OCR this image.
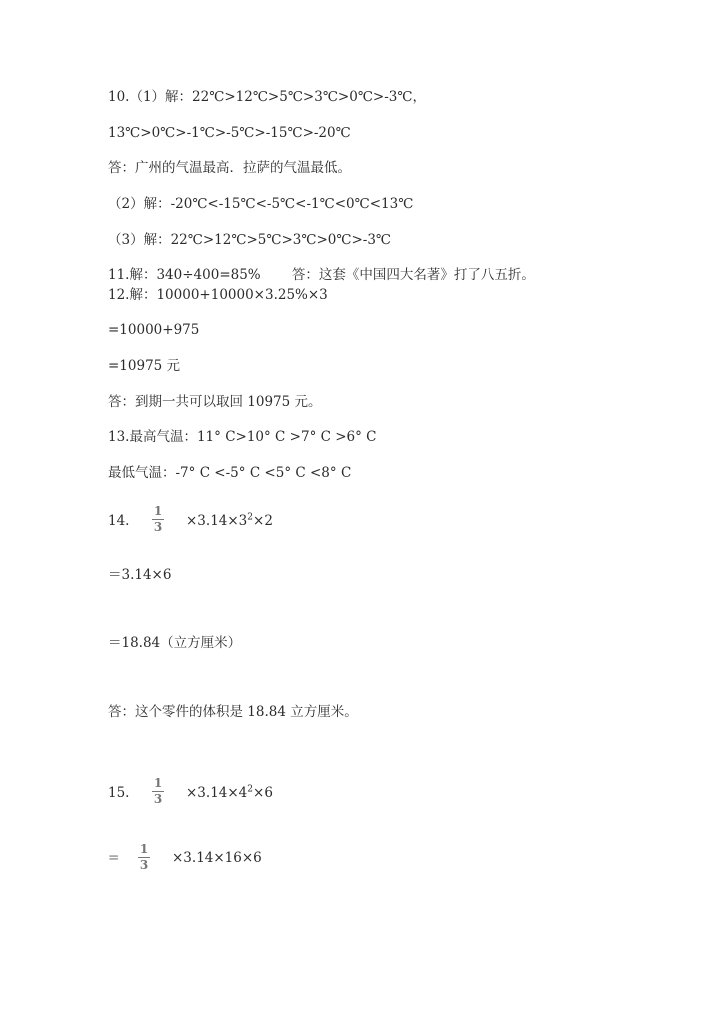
10.（1）解：22℃>12℃>5℃>3℃>0℃>-3℃，
13℃>0℃>-1℃>-5℃>-15℃>-20℃
答：广州的气温最高．拉萨的气温最低。
（2）解：-20℃<-15℃<-5℃<-1℃<0℃<13℃
（3）解：22℃>12℃>5℃>3℃>0℃>-3℃
11.解：340÷400=85%　　 答：这套《中国四大名著》打了八五折。
12.解：10000+10000×3.25%×3
=10000+975
=10975 元
答：到期一共可以取回 10975 元。
13.最高气温：11° C>10° C >7° C >6° C
最低气温：-7° C <-5° C <5° C <8° C
14.
1
$3 \times 3.14\times 3^2\times 2$
＝3.14×6
＝18.84（立方厘米）
答：这个零件的体积是 18.84 立方厘米。
15.
1
$3 \times 3.14\times 4^2\times 6$
=
1
3 ×3.14×16×6
